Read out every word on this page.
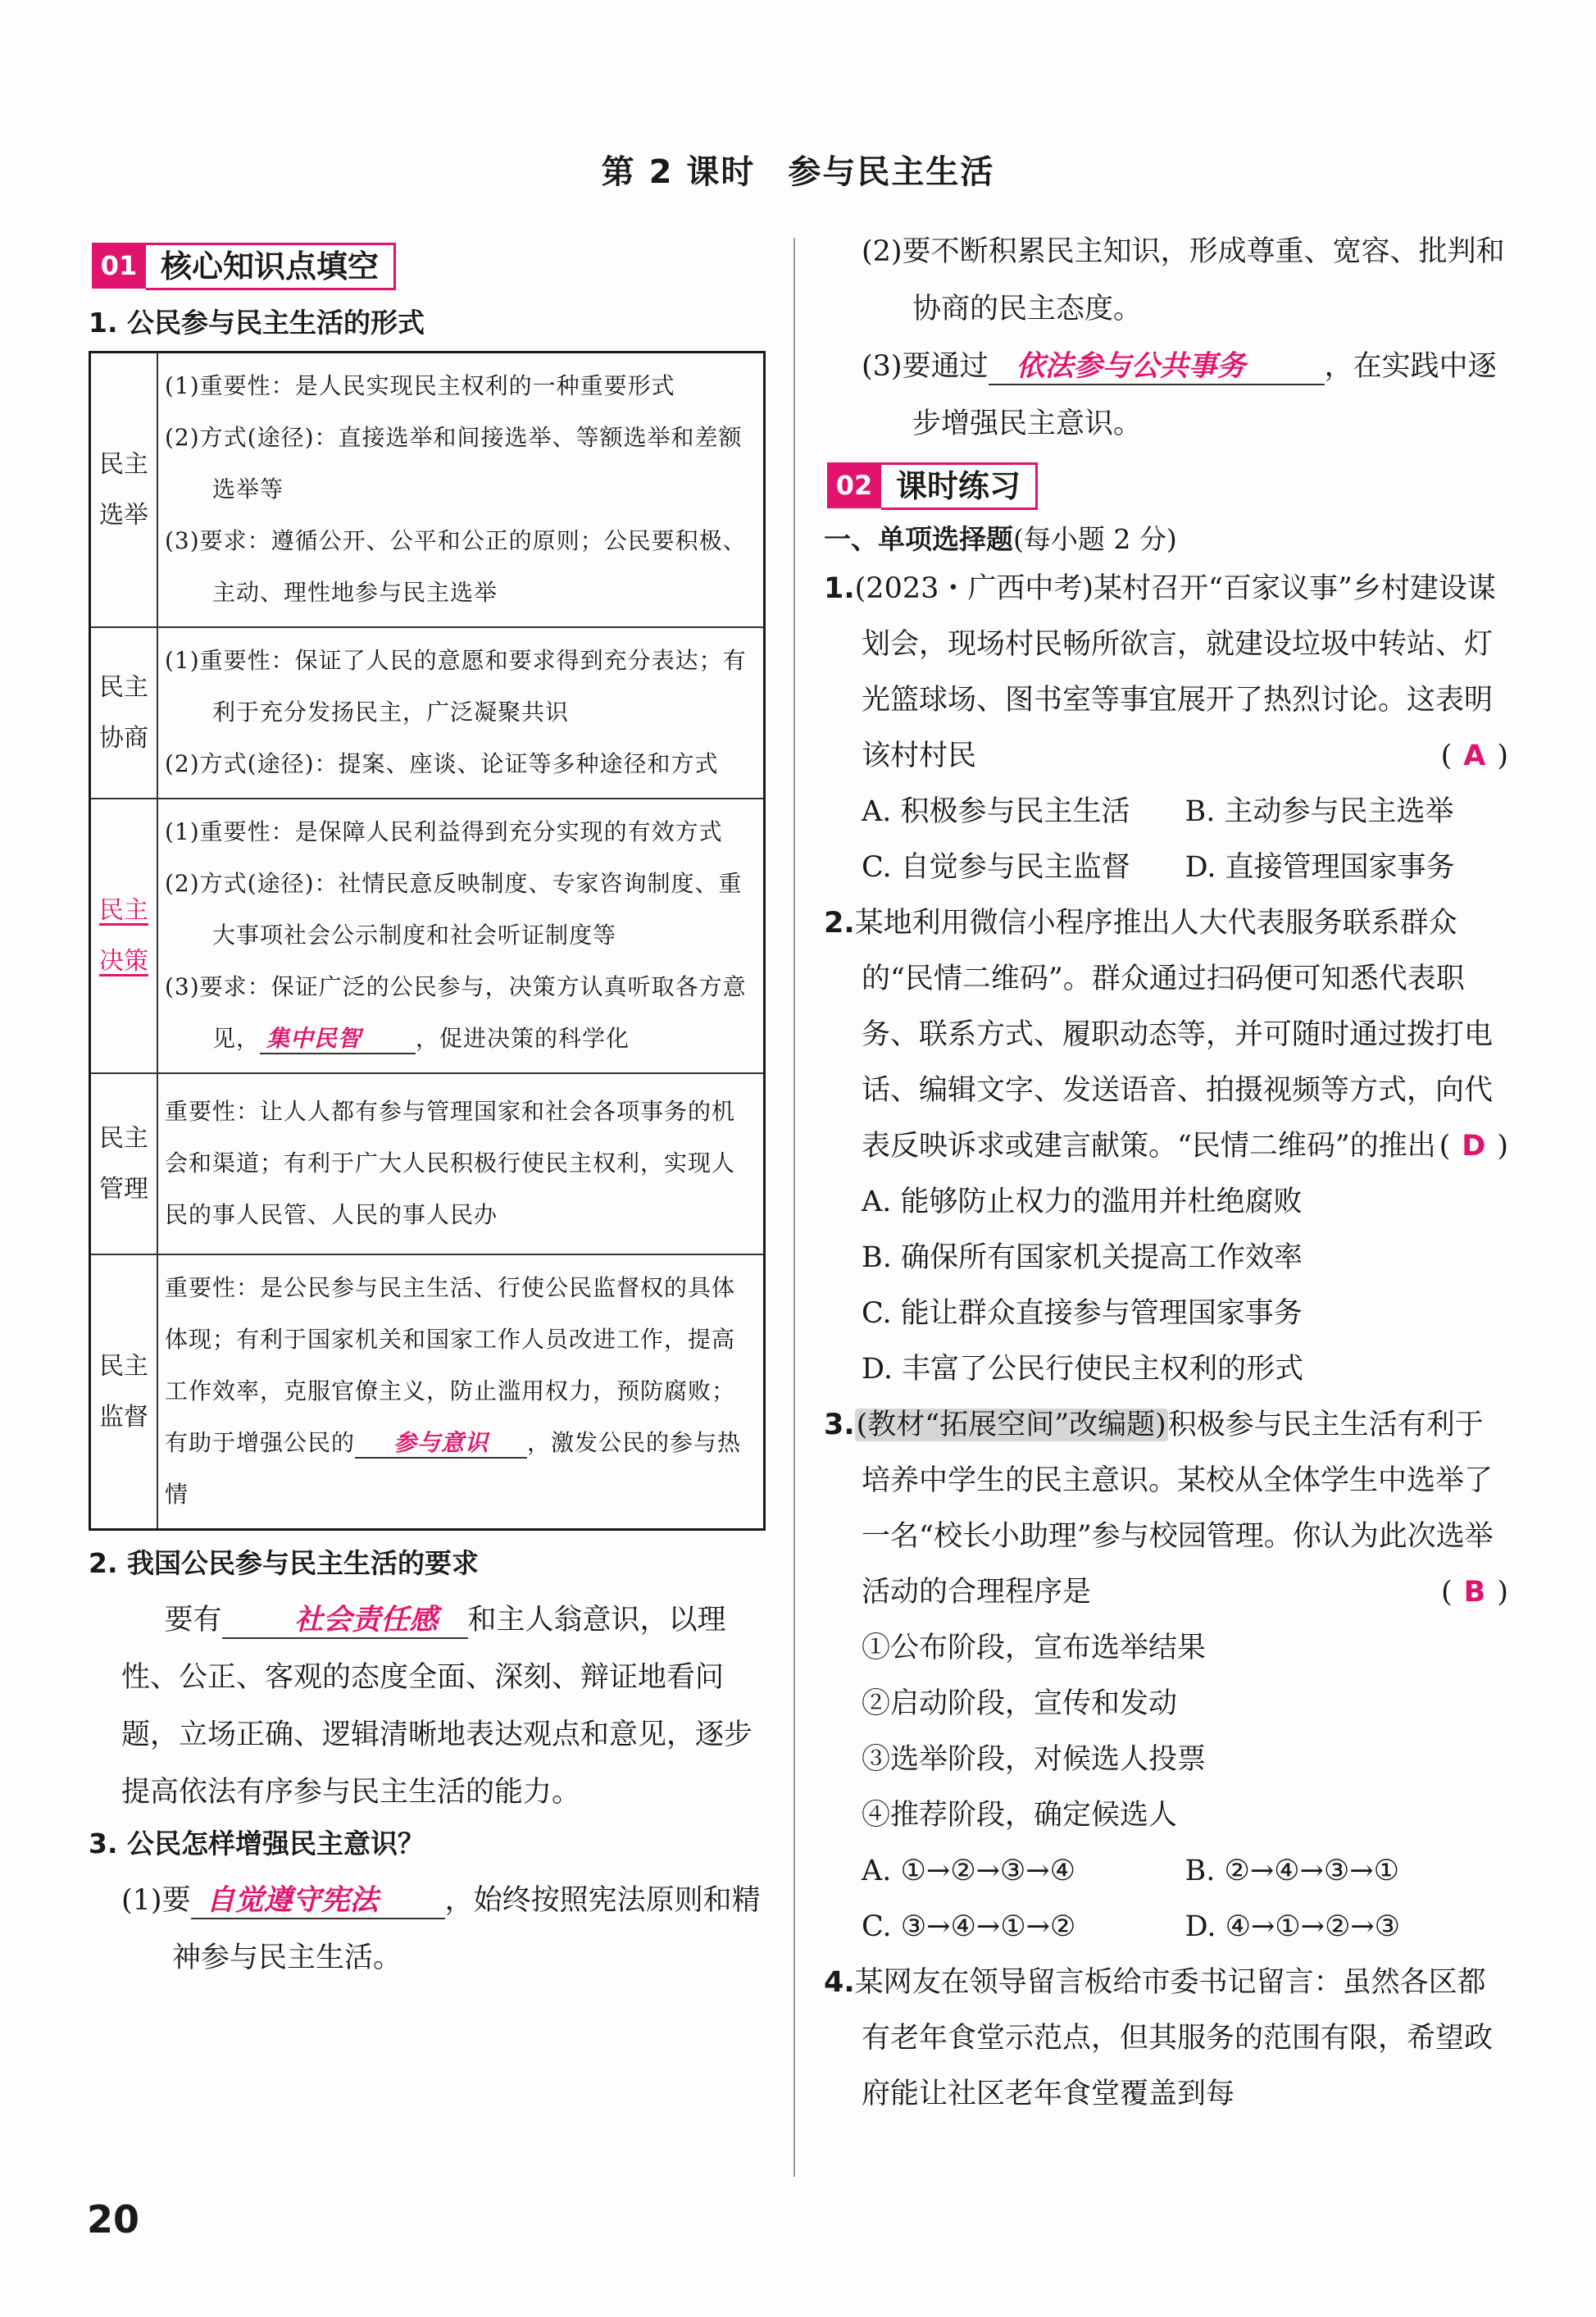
第 2 课时 参与民主生活
01 核心知识点填空
1. 公民参与民主生活的形式
民主选举	(1)重要性：是人民实现民主权利的一种重要形式
(2)方式(途径)：直接选举和间接选举、等额选举和差额选举等
(3)要求：遵循公开、公平和公正的原则；公民要积极、主动、理性地参与民主选举

民主协商	(1)重要性：保证了人民的意愿和要求得到充分表达；有利于充分发扬民主，广泛凝聚共识
(2)方式(途径)：提案、座谈、论证等多种途径和方式

民主决策	(1)重要性：是保障人民利益得到充分实现的有效方式
(2)方式(途径)：社情民意反映制度、专家咨询制度、重大事项社会公示制度和社会听证制度等
(3)要求：保证广泛的公民参与，决策方认真听取各方意见， 集中民智 ，促进决策的科学化

民主管理	重要性：让人人都有参与管理国家和社会各项事务的机会和渠道；有利于广大人民积极行使民主权利，实现人民的事人民管、人民的事人民办
民主监督	重要性：是公民参与民主生活、行使公民监督权的具体体现；有利于国家机关和国家工作人员改进工作，提高工作效率，克服官僚主义，防止滥用权力，预防腐败；有助于增强公民的 参与意识 ，激发公民的参与热情
2. 我国公民参与民主生活的要求
要有	社会责任感 和主人翁意识，以理性、公正、客观的态度全面、深刻、辩证地看问题，立场正确、逻辑清晰地表达观点和意见，逐步提高依法有序参与民主生活的能力。
3. 公民怎样增强民主意识？
(1)要 自觉遵守宪法 ，始终按照宪法原则和精神参与民主生活。
(2)要不断积累民主知识，形成尊重、宽容、批判和协商的民主态度。
(3)要通过 依法参与公共事务	，在实践中逐步增强民主意识。
02 课时练习
一、单项选择题(每小题 2 分)
1.(2023・广西中考)某村召开“百家议事”乡村建设谋划会，现场村民畅所欲言，就建设垃圾中转站、灯光篮球场、图书室等事宜展开了热烈讨论。这表明该村村民	( A )
A. 积极参与民主生活	B. 主动参与民主选举
C. 自觉参与民主监督	D. 直接管理国家事务
2.某地利用微信小程序推出人大代表服务联系群众的“民情二维码”。群众通过扫码便可知悉代表职务、联系方式、履职动态等，并可随时通过拨打电话、编辑文字、发送语音、拍摄视频等方式，向代表反映诉求或建言献策。“民情二维码”的推出 ( D )
A. 能够防止权力的滥用并杜绝腐败
B. 确保所有国家机关提高工作效率
C. 能让群众直接参与管理国家事务
D. 丰富了公民行使民主权利的形式
3.(教材“拓展空间”改编题)积极参与民主生活有利于培养中学生的民主意识。某校从全体学生中选举了一名“校长小助理”参与校园管理。你认为此次选举活动的合理程序是	( B )
①公布阶段，宣布选举结果
②启动阶段，宣传和发动
③选举阶段，对候选人投票
④推荐阶段，确定候选人
A. ①→②→③→④	B. ②→④→③→①
C. ③→④→①→②	D. ④→①→②→③
4.某网友在领导留言板给市委书记留言：虽然各区都有老年食堂示范点，但其服务的范围有限，希望政府能让社区老年食堂覆盖到每
20
